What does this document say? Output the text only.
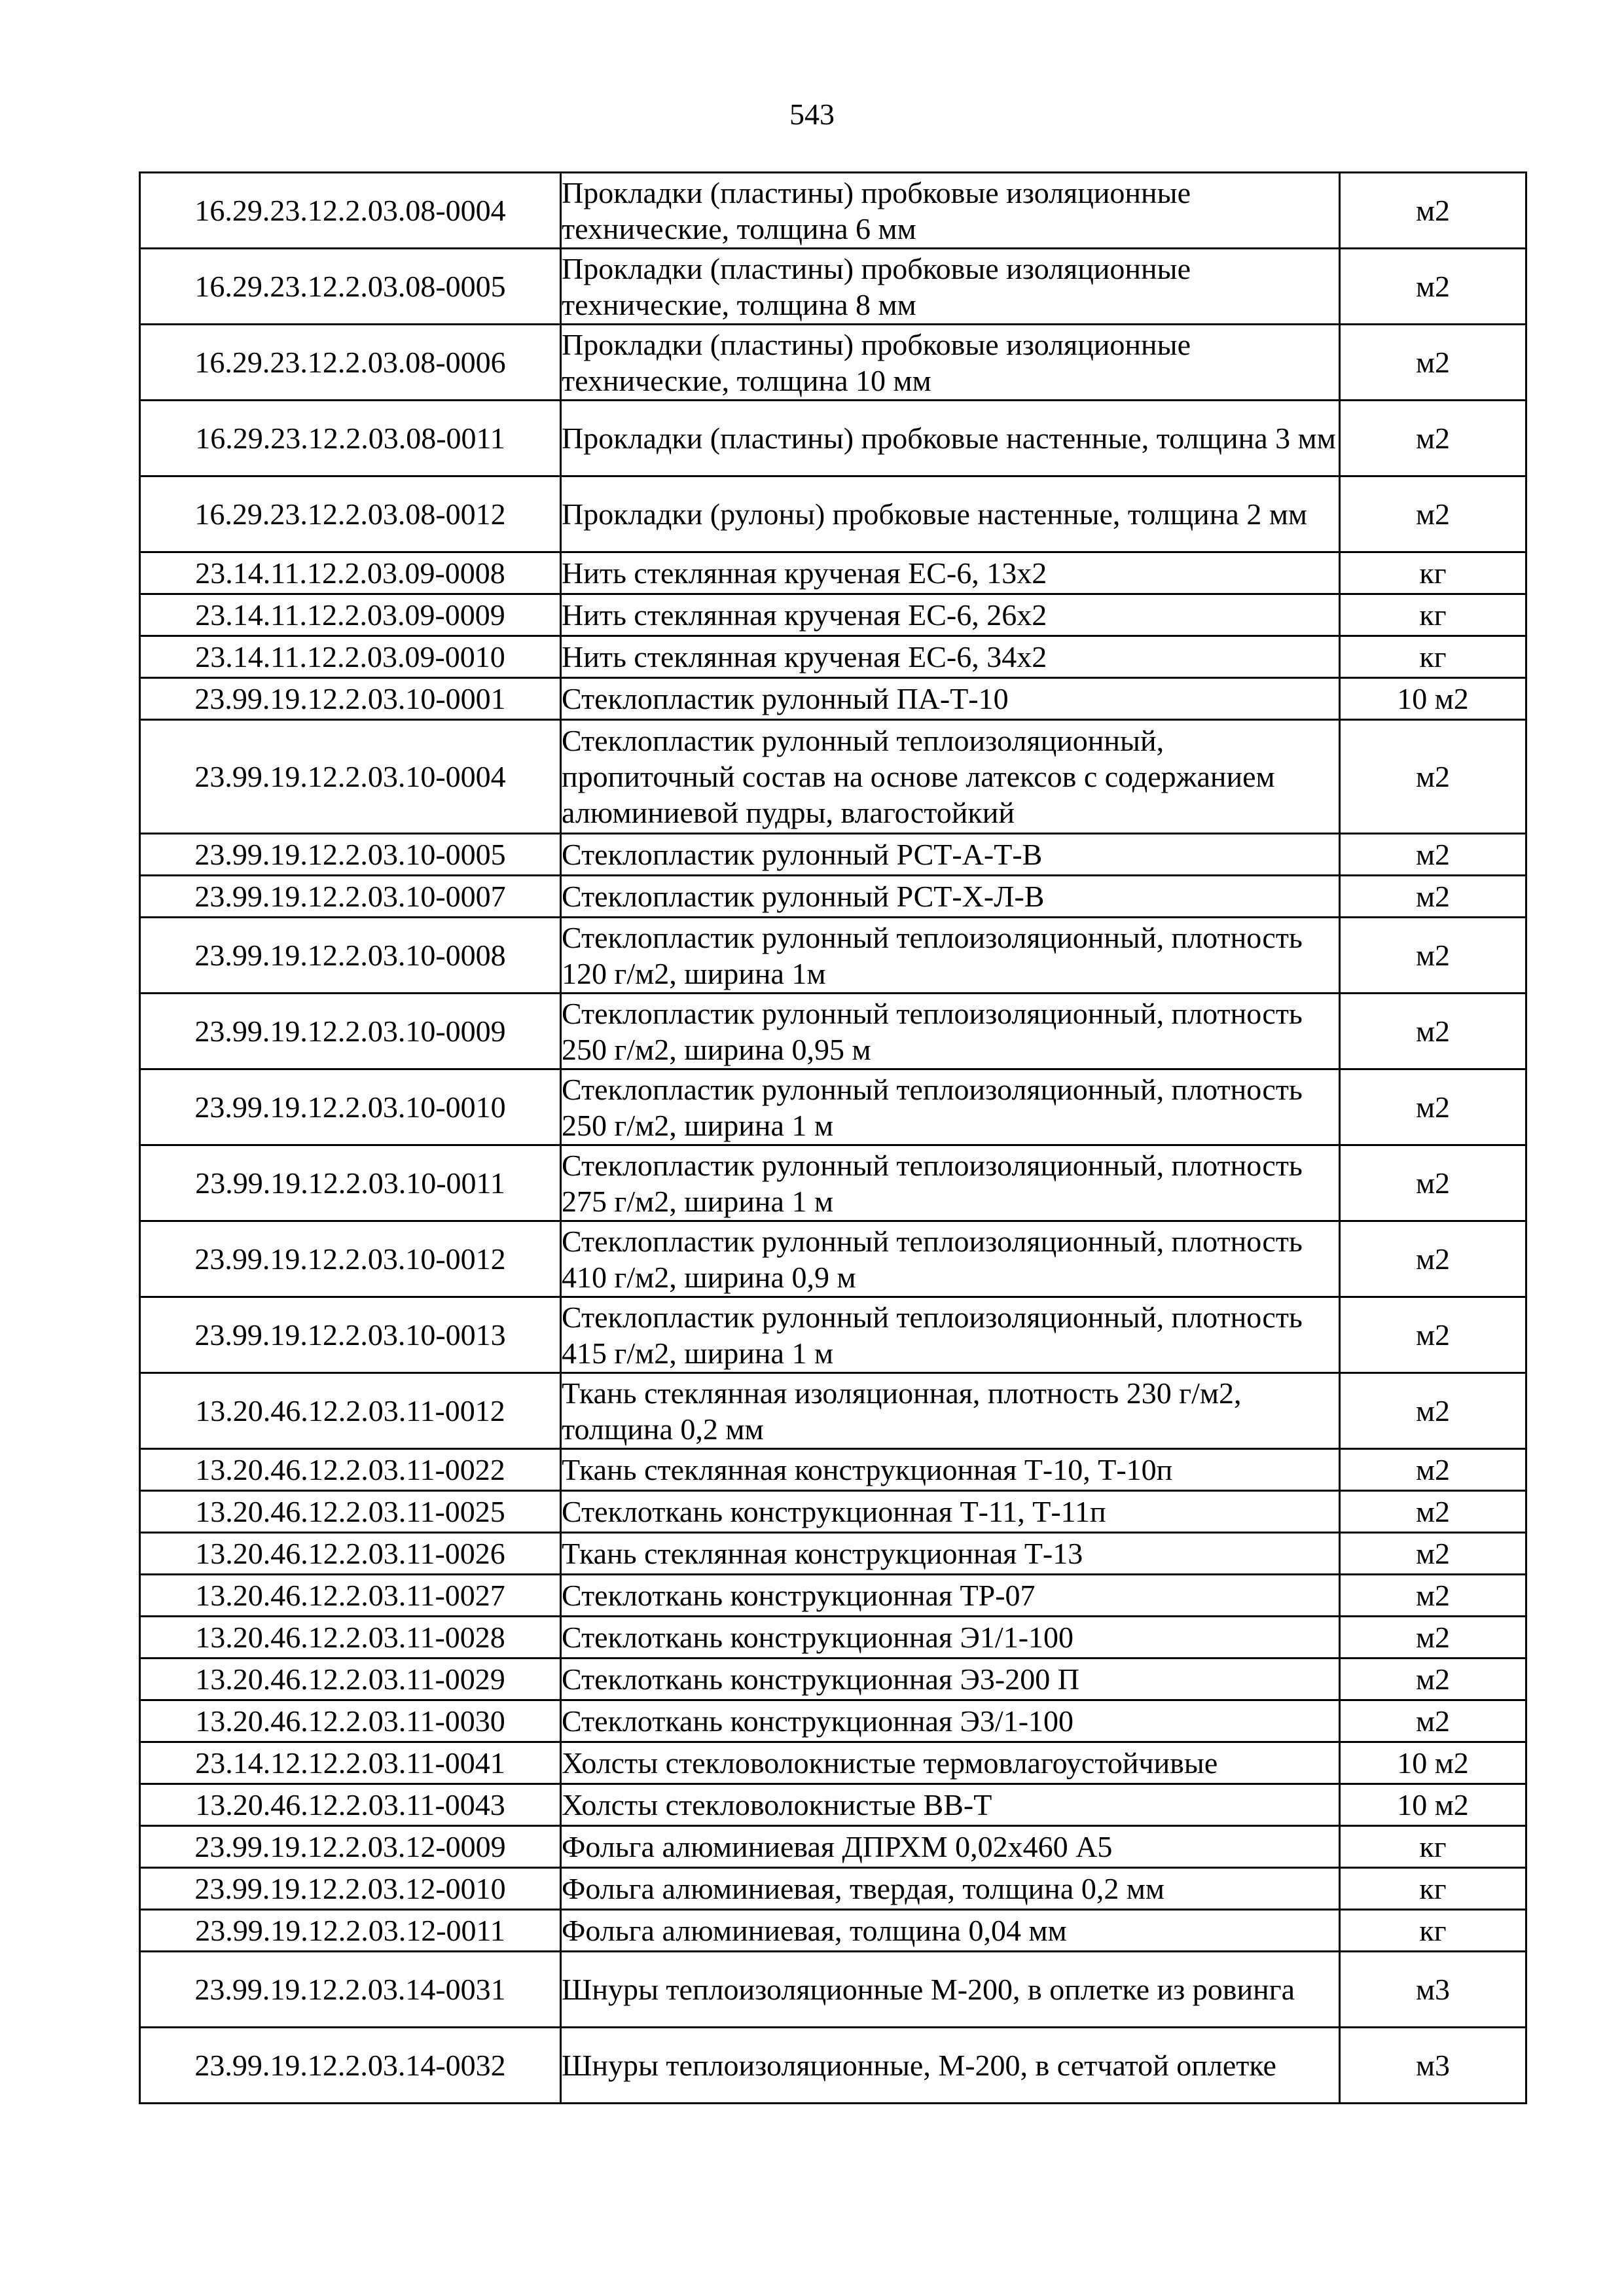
543
16.29.23.12.2.03.08-0004	Прокладки (пластины) пробковые изоляционные технические, толщина 6 мм	м2
16.29.23.12.2.03.08-0005	Прокладки (пластины) пробковые изоляционные технические, толщина 8 мм	м2
16.29.23.12.2.03.08-0006	Прокладки (пластины) пробковые изоляционные технические, толщина 10 мм	м2
16.29.23.12.2.03.08-0011	Прокладки (пластины) пробковые настенные, толщина 3 мм	м2
16.29.23.12.2.03.08-0012	Прокладки (рулоны) пробковые настенные, толщина 2 мм	м2
23.14.11.12.2.03.09-0008	Нить стеклянная крученая ЕС-6, 13х2	кг
23.14.11.12.2.03.09-0009	Нить стеклянная крученая ЕС-6, 26х2	кг
23.14.11.12.2.03.09-0010	Нить стеклянная крученая ЕС-6, 34х2	кг
23.99.19.12.2.03.10-0001	Стеклопластик рулонный ПА-Т-10	10 м2
23.99.19.12.2.03.10-0004	Стеклопластик рулонный теплоизоляционный, пропиточный состав на основе латексов с содержанием алюминиевой пудры, влагостойкий	м2
23.99.19.12.2.03.10-0005	Стеклопластик рулонный РСТ-А-Т-В	м2
23.99.19.12.2.03.10-0007	Стеклопластик рулонный РСТ-Х-Л-В	м2
23.99.19.12.2.03.10-0008	Стеклопластик рулонный теплоизоляционный, плотность 120 г/м2, ширина 1м	м2
23.99.19.12.2.03.10-0009	Стеклопластик рулонный теплоизоляционный, плотность 250 г/м2, ширина 0,95 м	м2
23.99.19.12.2.03.10-0010	Стеклопластик рулонный теплоизоляционный, плотность 250 г/м2, ширина 1 м	м2
23.99.19.12.2.03.10-0011	Стеклопластик рулонный теплоизоляционный, плотность 275 г/м2, ширина 1 м	м2
23.99.19.12.2.03.10-0012	Стеклопластик рулонный теплоизоляционный, плотность 410 г/м2, ширина 0,9 м	м2
23.99.19.12.2.03.10-0013	Стеклопластик рулонный теплоизоляционный, плотность 415 г/м2, ширина 1 м	м2
13.20.46.12.2.03.11-0012	Ткань стеклянная изоляционная, плотность 230 г/м2, толщина 0,2 мм	м2
13.20.46.12.2.03.11-0022	Ткань стеклянная конструкционная Т-10, Т-10п	м2
13.20.46.12.2.03.11-0025	Стеклоткань конструкционная Т-11, Т-11п	м2
13.20.46.12.2.03.11-0026	Ткань стеклянная конструкционная Т-13	м2
13.20.46.12.2.03.11-0027	Стеклоткань конструкционная ТР-07	м2
13.20.46.12.2.03.11-0028	Стеклоткань конструкционная Э1/1-100	м2
13.20.46.12.2.03.11-0029	Стеклоткань конструкционная Э3-200 П	м2
13.20.46.12.2.03.11-0030	Стеклоткань конструкционная Э3/1-100	м2
23.14.12.12.2.03.11-0041	Холсты стекловолокнистые термовлагоустойчивые	10 м2
13.20.46.12.2.03.11-0043	Холсты стекловолокнистые ВВ-Т	10 м2
23.99.19.12.2.03.12-0009	Фольга алюминиевая ДПРХМ 0,02х460 А5	кг
23.99.19.12.2.03.12-0010	Фольга алюминиевая, твердая, толщина 0,2 мм	кг
23.99.19.12.2.03.12-0011	Фольга алюминиевая, толщина 0,04 мм	кг
23.99.19.12.2.03.14-0031	Шнуры теплоизоляционные М-200, в оплетке из ровинга	м3
23.99.19.12.2.03.14-0032	Шнуры теплоизоляционные, М-200, в сетчатой оплетке	м3
